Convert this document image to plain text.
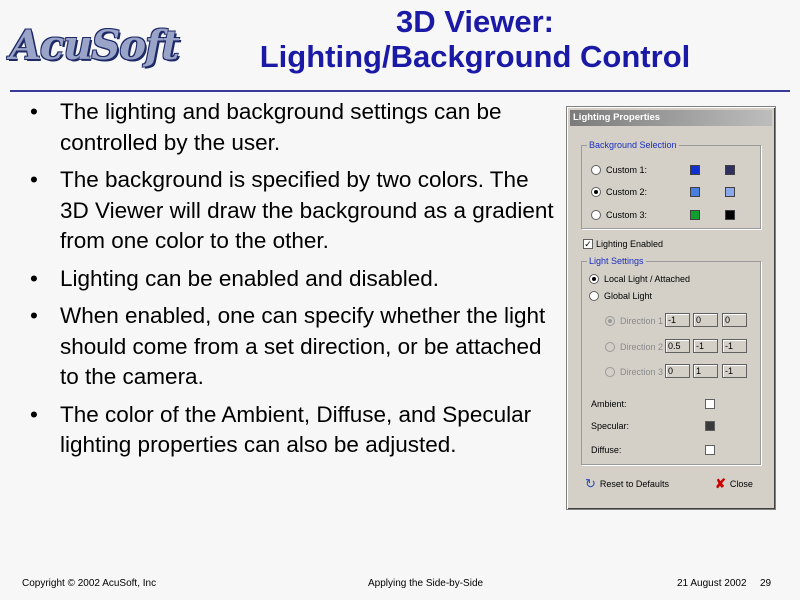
AcuSoft
3D Viewer:
Lighting/Background Control
• The lighting and background settings can be controlled by the user.
• The background is specified by two colors. The 3D Viewer will draw the background as a gradient from one color to the other.
• Lighting can be enabled and disabled.
• When enabled, one can specify whether the light should come from a set direction, or be attached to the camera.
• The color of the Ambient, Diffuse, and Specular lighting properties can also be adjusted.
Lighting Properties
Background Selection
Custom 1:
Custom 2:
Custom 3:
✓ Lighting Enabled
Light Settings
Local Light / Attached
Global Light
Direction 1 -1	0	0
Direction 2 0.5	-1	-1
Direction 3 0	1	-1
Ambient:
Specular:
Diffuse:
↻ Reset to Defaults	✘ Close
Copyright © 2002 AcuSoft, Inc	Applying the Side-by-Side	21 August 2002 29
